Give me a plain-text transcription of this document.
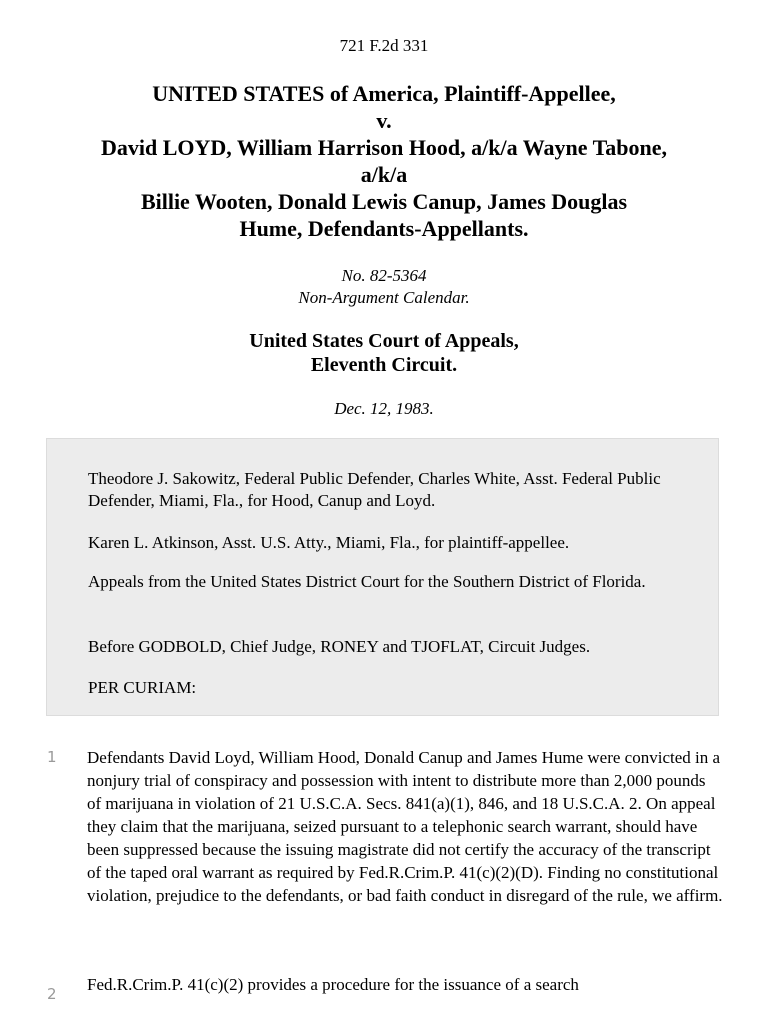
721 F.2d 331
UNITED STATES of America, Plaintiff-Appellee,
v.
David LOYD, William Harrison Hood, a/k/a Wayne Tabone,
a/k/a
Billie Wooten, Donald Lewis Canup, James Douglas
Hume, Defendants-Appellants.
No. 82-5364
Non-Argument Calendar.
United States Court of Appeals,
Eleventh Circuit.
Dec. 12, 1983.

Theodore J. Sakowitz, Federal Public Defender, Charles White, Asst. Federal Public Defender, Miami, Fla., for Hood, Canup and Loyd.

Karen L. Atkinson, Asst. U.S. Atty., Miami, Fla., for plaintiff-appellee.

Appeals from the United States District Court for the Southern District of Florida.

Before GODBOLD, Chief Judge, RONEY and TJOFLAT, Circuit Judges.

PER CURIAM:

1 Defendants David Loyd, William Hood, Donald Canup and James Hume were convicted in a nonjury trial of conspiracy and possession with intent to distribute more than 2,000 pounds of marijuana in violation of 21 U.S.C.A. Secs. 841(a)(1), 846, and 18 U.S.C.A. 2. On appeal they claim that the marijuana, seized pursuant to a telephonic search warrant, should have been suppressed because the issuing magistrate did not certify the accuracy of the transcript of the taped oral warrant as required by Fed.R.Crim.P. 41(c)(2)(D). Finding no constitutional violation, prejudice to the defendants, or bad faith conduct in disregard of the rule, we affirm.

2 Fed.R.Crim.P. 41(c)(2) provides a procedure for the issuance of a search
